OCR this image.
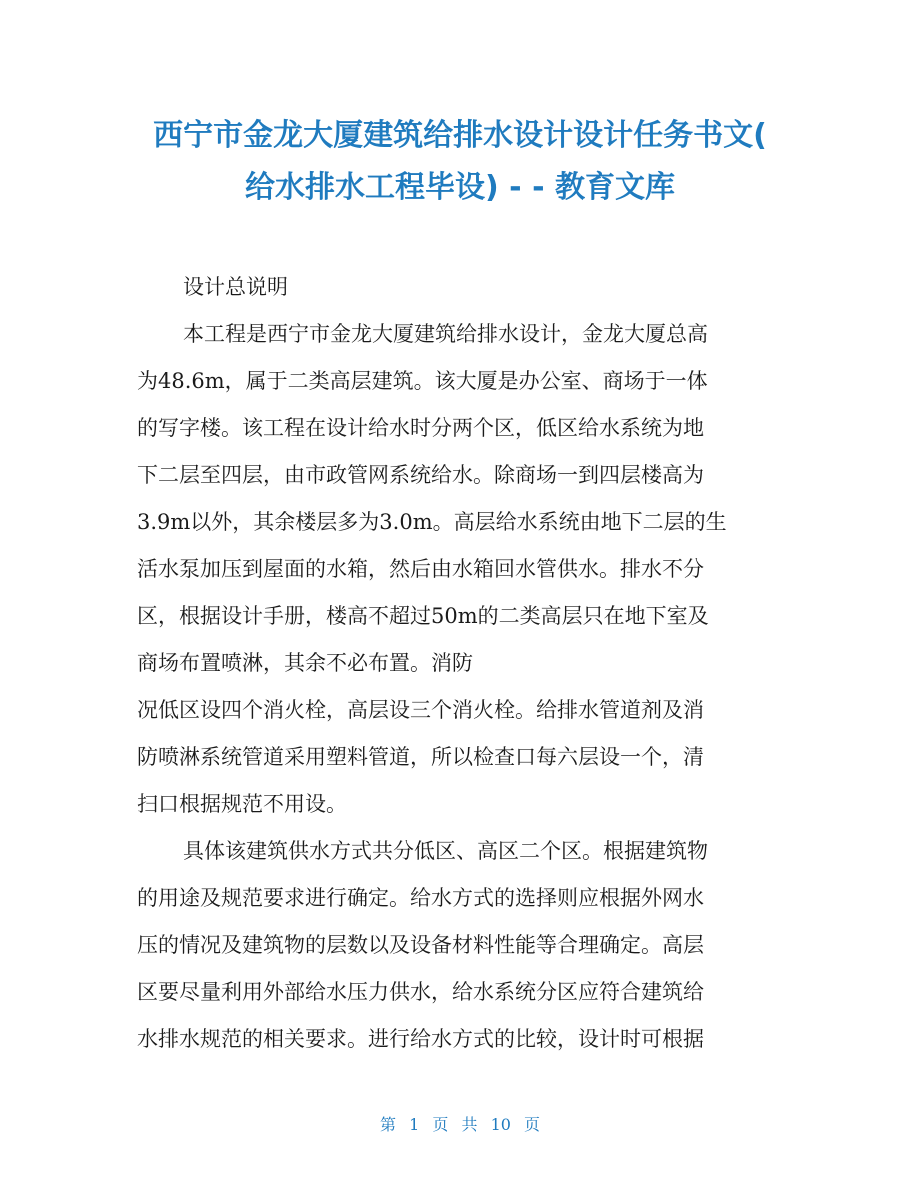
西宁市金龙大厦建筑给排水设计设计任务书文(
给水排水工程毕设) - - 教育文库
设计总说明
本工程是西宁市金龙大厦建筑给排水设计，金龙大厦总高
为48.6m，属于二类高层建筑。该大厦是办公室、商场于一体
的写字楼。该工程在设计给水时分两个区，低区给水系统为地
下二层至四层，由市政管网系统给水。除商场一到四层楼高为
3.9m以外，其余楼层多为3.0m。高层给水系统由地下二层的生
活水泵加压到屋面的水箱，然后由水箱回水管供水。排水不分
区，根据设计手册，楼高不超过50m的二类高层只在地下室及
商场布置喷淋，其余不必布置。消防
况低区设四个消火栓，高层设三个消火栓。给排水管道剂及消
防喷淋系统管道采用塑料管道，所以检查口每六层设一个，清
扫口根据规范不用设。
具体该建筑供水方式共分低区、高区二个区。根据建筑物
的用途及规范要求进行确定。给水方式的选择则应根据外网水
压的情况及建筑物的层数以及设备材料性能等合理确定。高层
区要尽量利用外部给水压力供水，给水系统分区应符合建筑给
水排水规范的相关要求。进行给水方式的比较，设计时可根据
第 1 页 共 10 页
